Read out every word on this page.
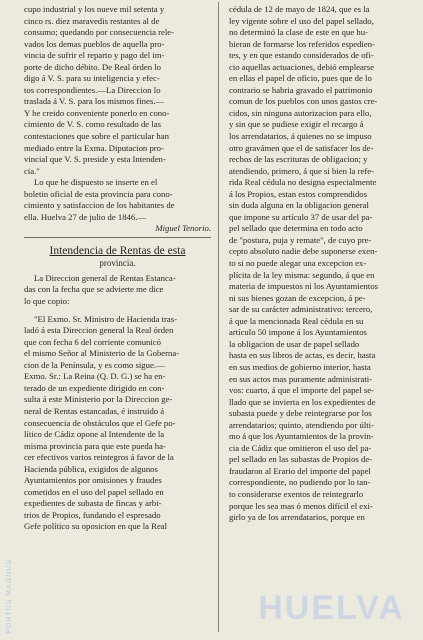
cupo industrial y los nueve mil setenta y
cinco rs. diez maravedis restantes al de
consumo; quedando por consecuencia rele-
vados los demas pueblos de aquella pro-
vincia de sufrir el reparto y pago del im-
porte de dicho débito. De Real órden lo
digo á V. S. para su inteligencia y efec-
tos correspondientes.—La Direccion lo
traslada á V. S. para los mismos fines.—
Y he creido conveniente ponerlo en cono-
cimiento de V. S. como resultado de las
contestaciones que sobre el particular han
mediado entre la Exma. Diputacion pro-
vincial que V. S. preside y esta Intenden-
cia."
Lo que he dispuesto se inserte en el
boletin oficial de esta provincia para cono-
cimiento y satisfaccion de los habitantes de
ella. Huelva 27 de julio de 1846.—
Miguel Tenorio.
Intendencia de Rentas de esta
provincia.
La Direccion general de Rentas Estanca-
das con la fecha que se advierte me dice
lo que copio:
"El Exmo. Sr. Ministro de Hacienda tras-
ladó á esta Direccion general la Real órden
que con fecha 6 del corriente comunicó
el mismo Señor al Ministerio de la Goberna-
cion de la Península, y es como sigue.—
Exmo. Sr.: La Reina (Q. D. G.) se ha en-
terado de un expediente dirigido en con-
sulta á este Ministerio por la Direccion ge-
neral de Rentas estancadas, é instruido á
consecuencia de obstáculos que el Gefe po-
lítico de Cádiz opone al Intendente de la
misma provincia para que este pueda ha-
cer efectivos varios reintegros á favor de la
Hacienda pública, exigidos de algunos
Ayuntamientos por omisiones y fraudes
cometidos en el uso del papel sellado en
expedientes de subasta de fincas y arbi-
trios de Propios, fundando el espresado
Gefe político su oposicion en que la Real
cédula de 12 de mayo de 1824, que es la
ley vigente sobre el uso del papel sellado,
no determinó la clase de este en que hu-
bieran de formarse los referidos espedien-
tes, y en que estando considerados de ofi-
cio aquellas actuaciones, debió emplearse
en ellas el papel de oficio, pues que de lo
contrario se habria gravado el patrimonio
comun de los pueblos con unos gastos cre-
cidos, sin ninguna autorizacion para ello,
y sin que se pudiese exigir el recargo á
los arrendatarios, á quienes no se impuso
otro gravámen que el de satisfacer los de-
rechos de las escrituras de obligacion; y
atendiendo, primero, á que si bien la refe-
rida Real cédula no designa especialmente
á los Propios, estan estos comprendidos
sin duda alguna en la obligacion general
que impone su artículo 37 de usar del pa-
pel sellado que determina en todo acto
de "postura, puja y remate", de cuyo pre-
cepto absoluto nadie debe suponerse exen-
to si no puede alegar una excepcion ex-
plícita de la ley misma: segundo, á que en
materia de impuestos ni los Ayuntamientos
ni sus bienes gozan de excepcion, á pe-
sar de su carácter administrativo: tercero,
á que la mencionada Real cédula en su
artículo 50 impone á los Ayuntamientos
la obligacion de usar de papel sellado
hasta en sus libros de actas, es decir, hasta
en sus medios de gobierno interior, hasta
en sus actos mas puramente administrati-
vos: cuarto, á que el importe del papel se-
llado que se invierta en los expedientes de
subasta puede y debe reintegrarse por los
arrendatarios; quinto, atendiendo por últi-
mo á que los Ayuntamientos de la provin-
cia de Cádiz que omitieron el uso del pa-
pel sellado en las subastas de Propios de-
fraudaron al Erario del importe del papel
correspondiente, no pudiendo por lo tan-
to considerarse exentos de reintegrarlo
porque les sea mas ó menos difícil el exi-
girlo ya de los arrendatarios, porque en
HUELVA
PORTUS MAGNUS
